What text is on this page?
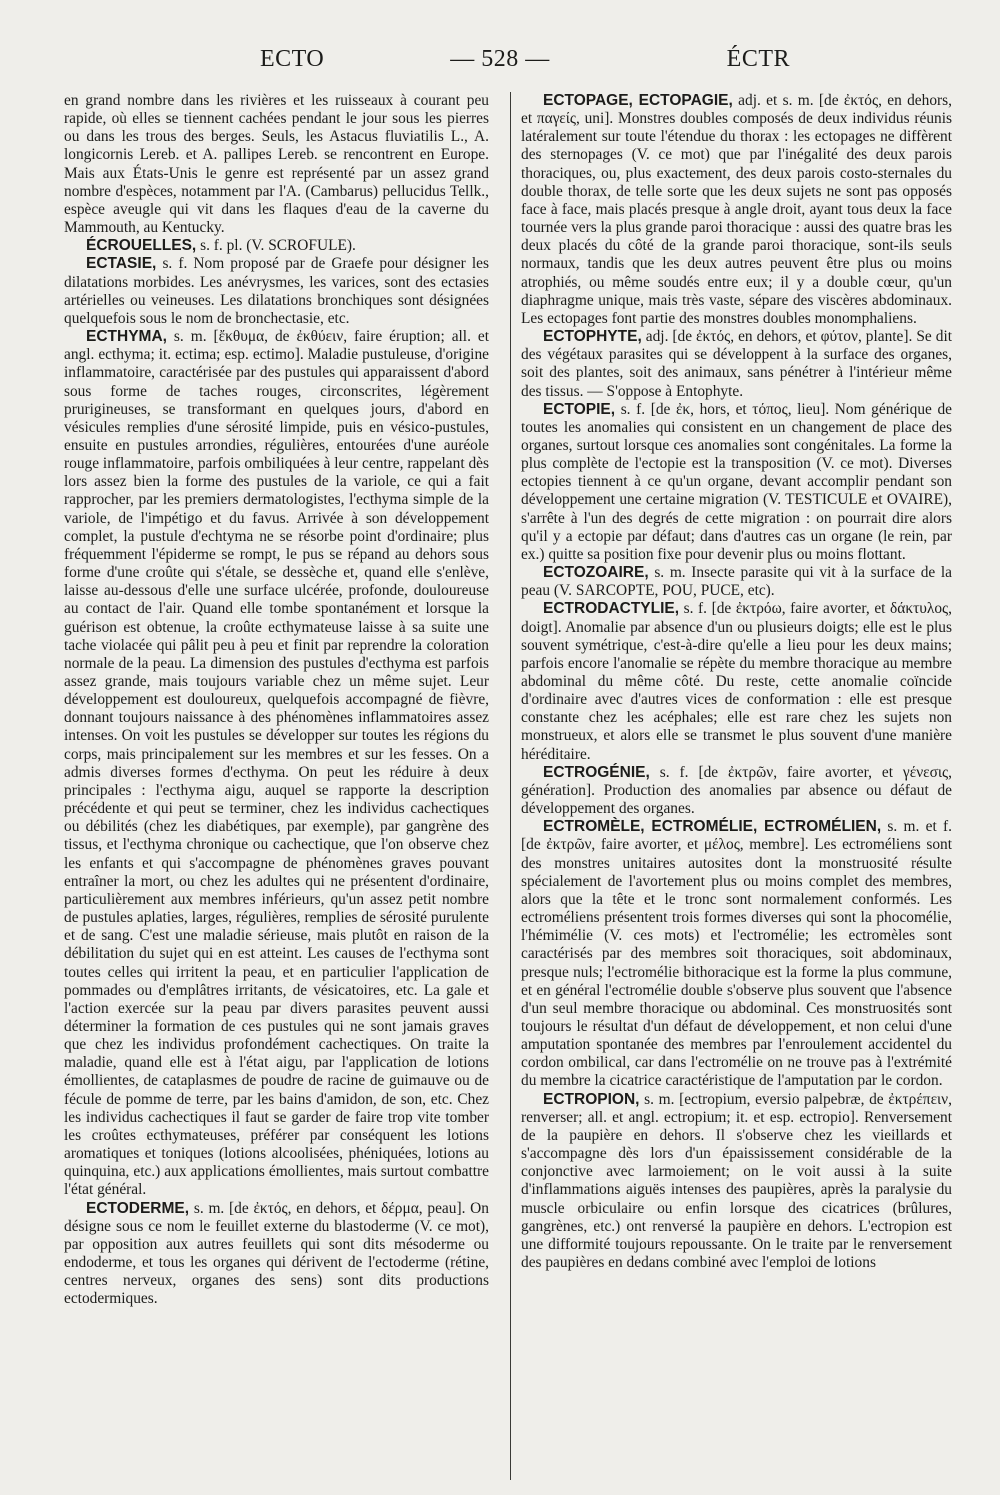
ECTO	— 528 —	ÉCTR

en grand nombre dans les rivières et les ruisseaux à courant peu rapide, où elles se tiennent cachées pendant le jour sous les pierres ou dans les trous des berges. Seuls, les Astacus fluviatilis L., A. longicornis Lereb. et A. pallipes Lereb. se rencontrent en Europe. Mais aux États-Unis le genre est représenté par un assez grand nombre d'espèces, notamment par l'A. (Cambarus) pellucidus Tellk., espèce aveugle qui vit dans les flaques d'eau de la caverne du Mammouth, au Kentucky.

ÉCROUELLES, s. f. pl. (V. SCROFULE).

ECTASIE, s. f. Nom proposé par de Graefe pour désigner les dilatations morbides. Les anévrysmes, les varices, sont des ectasies artérielles ou veineuses. Les dilatations bronchiques sont désignées quelquefois sous le nom de bronchectasie, etc.

ECTHYMA, s. m. [ἔκθυμα, de ἐκθύειν, faire éruption; all. et angl. ecthyma; it. ectima; esp. ectimo]. Maladie pustuleuse, d'origine inflammatoire, caractérisée par des pustules qui apparaissent d'abord sous forme de taches rouges, circonscrites, légèrement prurigineuses, se transformant en quelques jours, d'abord en vésicules remplies d'une sérosité limpide, puis en vésico-pustules, ensuite en pustules arrondies, régulières, entourées d'une auréole rouge inflammatoire, parfois ombiliquées à leur centre, rappelant dès lors assez bien la forme des pustules de la variole, ce qui a fait rapprocher, par les premiers dermatologistes, l'ecthyma simple de la variole, de l'impétigo et du favus. Arrivée à son développement complet, la pustule d'echtyma ne se résorbe point d'ordinaire; plus fréquemment l'épiderme se rompt, le pus se répand au dehors sous forme d'une croûte qui s'étale, se dessèche et, quand elle s'enlève, laisse au-dessous d'elle une surface ulcérée, profonde, douloureuse au contact de l'air. Quand elle tombe spontanément et lorsque la guérison est obtenue, la croûte ecthymateuse laisse à sa suite une tache violacée qui pâlit peu à peu et finit par reprendre la coloration normale de la peau. La dimension des pustules d'ecthyma est parfois assez grande, mais toujours variable chez un même sujet. Leur développement est douloureux, quelquefois accompagné de fièvre, donnant toujours naissance à des phénomènes inflammatoires assez intenses. On voit les pustules se développer sur toutes les régions du corps, mais principalement sur les membres et sur les fesses. On a admis diverses formes d'ecthyma. On peut les réduire à deux principales : l'ecthyma aigu, auquel se rapporte la description précédente et qui peut se terminer, chez les individus cachectiques ou débilités (chez les diabétiques, par exemple), par gangrène des tissus, et l'ecthyma chronique ou cachectique, que l'on observe chez les enfants et qui s'accompagne de phénomènes graves pouvant entraîner la mort, ou chez les adultes qui ne présentent d'ordinaire, particulièrement aux membres inférieurs, qu'un assez petit nombre de pustules aplaties, larges, régulières, remplies de sérosité purulente et de sang. C'est une maladie sérieuse, mais plutôt en raison de la débilitation du sujet qui en est atteint. Les causes de l'ecthyma sont toutes celles qui irritent la peau, et en particulier l'application de pommades ou d'emplâtres irritants, de vésicatoires, etc. La gale et l'action exercée sur la peau par divers parasites peuvent aussi déterminer la formation de ces pustules qui ne sont jamais graves que chez les individus profondément cachectiques. On traite la maladie, quand elle est à l'état aigu, par l'application de lotions émollientes, de cataplasmes de poudre de racine de guimauve ou de fécule de pomme de terre, par les bains d'amidon, de son, etc. Chez les individus cachectiques il faut se garder de faire trop vite tomber les croûtes ecthymateuses, préférer par conséquent les lotions aromatiques et toniques (lotions alcoolisées, phéniquées, lotions au quinquina, etc.) aux applications émollientes, mais surtout combattre l'état général.

ECTODERME, s. m. [de ἐκτός, en dehors, et δέρμα, peau]. On désigne sous ce nom le feuillet externe du blastoderme (V. ce mot), par opposition aux autres feuillets qui sont dits mésoderme ou endoderme, et tous les organes qui dérivent de l'ectoderme (rétine, centres nerveux, organes des sens) sont dits productions ectodermiques.

ECTOPAGE, ECTOPAGIE, adj. et s. m. [de ἐκτός, en dehors, et παγείς, uni]. Monstres doubles composés de deux individus réunis latéralement sur toute l'étendue du thorax : les ectopages ne diffèrent des sternopages (V. ce mot) que par l'inégalité des deux parois thoraciques, ou, plus exactement, des deux parois costo-sternales du double thorax, de telle sorte que les deux sujets ne sont pas opposés face à face, mais placés presque à angle droit, ayant tous deux la face tournée vers la plus grande paroi thoracique : aussi des quatre bras les deux placés du côté de la grande paroi thoracique, sont-ils seuls normaux, tandis que les deux autres peuvent être plus ou moins atrophiés, ou même soudés entre eux; il y a double cœur, qu'un diaphragme unique, mais très vaste, sépare des viscères abdominaux. Les ectopages font partie des monstres doubles monomphaliens.

ECTOPHYTE, adj. [de ἐκτός, en dehors, et φύτον, plante]. Se dit des végétaux parasites qui se développent à la surface des organes, soit des plantes, soit des animaux, sans pénétrer à l'intérieur même des tissus. — S'oppose à Entophyte.

ECTOPIE, s. f. [de ἐκ, hors, et τόπος, lieu]. Nom générique de toutes les anomalies qui consistent en un changement de place des organes, surtout lorsque ces anomalies sont congénitales. La forme la plus complète de l'ectopie est la transposition (V. ce mot). Diverses ectopies tiennent à ce qu'un organe, devant accomplir pendant son développement une certaine migration (V. TESTICULE et OVAIRE), s'arrête à l'un des degrés de cette migration : on pourrait dire alors qu'il y a ectopie par défaut; dans d'autres cas un organe (le rein, par ex.) quitte sa position fixe pour devenir plus ou moins flottant.

ECTOZOAIRE, s. m. Insecte parasite qui vit à la surface de la peau (V. SARCOPTE, POU, PUCE, etc).

ECTRODACTYLIE, s. f. [de ἐκτρόω, faire avorter, et δάκτυλος, doigt]. Anomalie par absence d'un ou plusieurs doigts; elle est le plus souvent symétrique, c'est-à-dire qu'elle a lieu pour les deux mains; parfois encore l'anomalie se répète du membre thoracique au membre abdominal du même côté. Du reste, cette anomalie coïncide d'ordinaire avec d'autres vices de conformation : elle est presque constante chez les acéphales; elle est rare chez les sujets non monstrueux, et alors elle se transmet le plus souvent d'une manière héréditaire.

ECTROGÉNIE, s. f. [de ἐκτρῶν, faire avorter, et γένεσις, génération]. Production des anomalies par absence ou défaut de développement des organes.

ECTROMÈLE, ECTROMÉLIE, ECTROMÉLIEN, s. m. et f. [de ἐκτρῶν, faire avorter, et μέλος, membre]. Les ectroméliens sont des monstres unitaires autosites dont la monstruosité résulte spécialement de l'avortement plus ou moins complet des membres, alors que la tête et le tronc sont normalement conformés. Les ectroméliens présentent trois formes diverses qui sont la phocomélie, l'hémimélie (V. ces mots) et l'ectromélie; les ectromèles sont caractérisés par des membres soit thoraciques, soit abdominaux, presque nuls; l'ectromélie bithoracique est la forme la plus commune, et en général l'ectromélie double s'observe plus souvent que l'absence d'un seul membre thoracique ou abdominal. Ces monstruosités sont toujours le résultat d'un défaut de développement, et non celui d'une amputation spontanée des membres par l'enroulement accidentel du cordon ombilical, car dans l'ectromélie on ne trouve pas à l'extrémité du membre la cicatrice caractéristique de l'amputation par le cordon.

ECTROPION, s. m. [ectropium, eversio palpebræ, de ἐκτρέπειν, renverser; all. et angl. ectropium; it. et esp. ectropio]. Renversement de la paupière en dehors. Il s'observe chez les vieillards et s'accompagne dès lors d'un épaississement considérable de la conjonctive avec larmoiement; on le voit aussi à la suite d'inflammations aiguës intenses des paupières, après la paralysie du muscle orbiculaire ou enfin lorsque des cicatrices (brûlures, gangrènes, etc.) ont renversé la paupière en dehors. L'ectropion est une difformité toujours repoussante. On le traite par le renversement des paupières en dedans combiné avec l'emploi de lotions
